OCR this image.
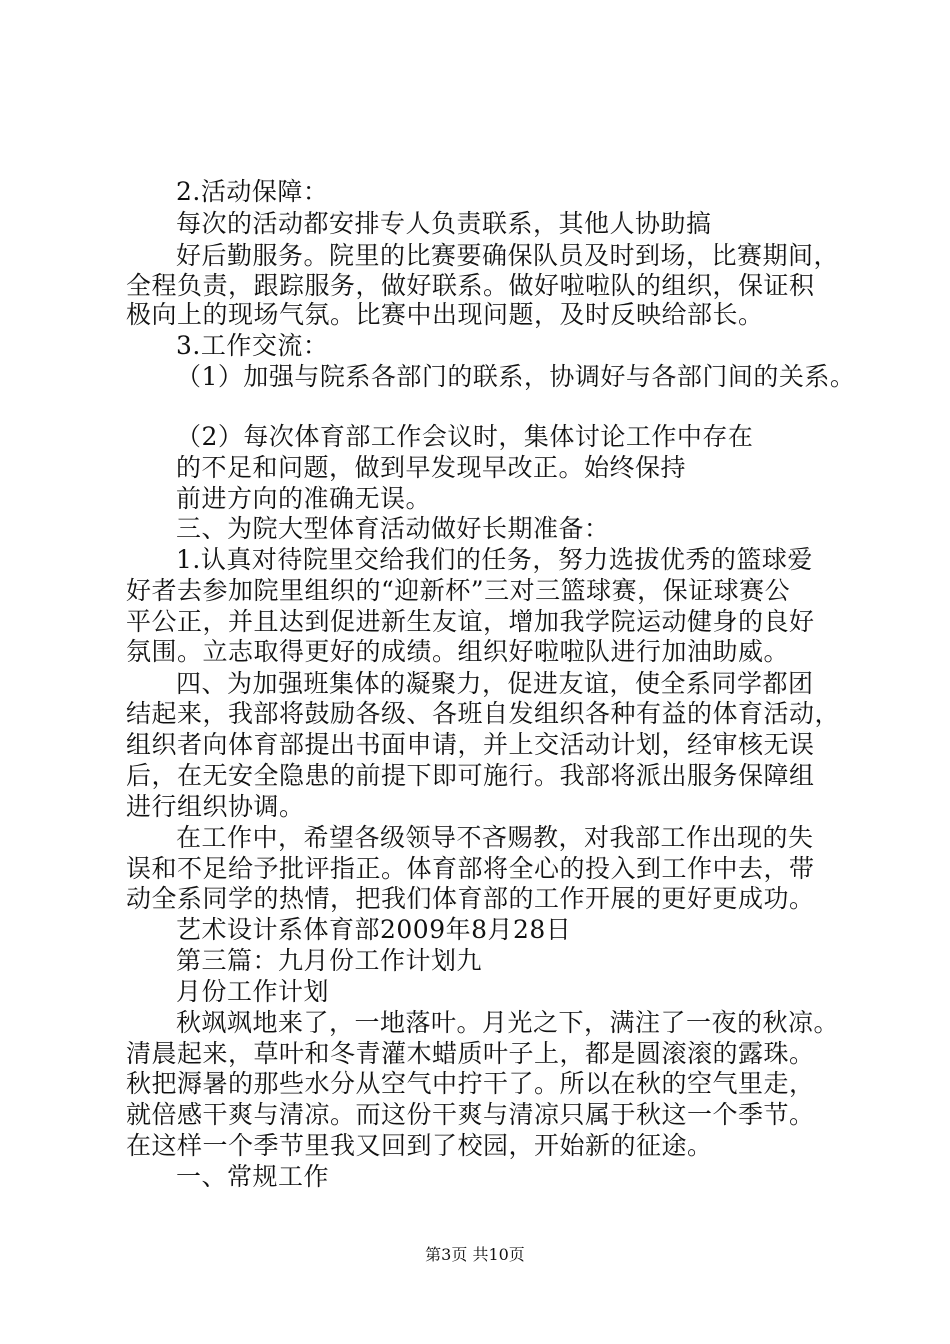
2.活动保障：
每次的活动都安排专人负责联系，其他人协助搞
好后勤服务。院里的比赛要确保队员及时到场，比赛期间，
全程负责，跟踪服务，做好联系。做好啦啦队的组织，保证积
极向上的现场气氛。比赛中出现问题，及时反映给部长。
3.工作交流：
（1）加强与院系各部门的联系，协调好与各部门间的关系。
（2）每次体育部工作会议时，集体讨论工作中存在
的不足和问题，做到早发现早改正。始终保持
前进方向的准确无误。
三、为院大型体育活动做好长期准备：
1.认真对待院里交给我们的任务，努力选拔优秀的篮球爱
好者去参加院里组织的“迎新杯”三对三篮球赛，保证球赛公
平公正，并且达到促进新生友谊，增加我学院运动健身的良好
氛围。立志取得更好的成绩。组织好啦啦队进行加油助威。
四、为加强班集体的凝聚力，促进友谊，使全系同学都团
结起来，我部将鼓励各级、各班自发组织各种有益的体育活动，
组织者向体育部提出书面申请，并上交活动计划，经审核无误
后，在无安全隐患的前提下即可施行。我部将派出服务保障组
进行组织协调。
在工作中，希望各级领导不吝赐教，对我部工作出现的失
误和不足给予批评指正。体育部将全心的投入到工作中去，带
动全系同学的热情，把我们体育部的工作开展的更好更成功。
艺术设计系体育部2009年8月28日
第三篇：九月份工作计划九
月份工作计划
秋飒飒地来了，一地落叶。月光之下，满注了一夜的秋凉。
清晨起来，草叶和冬青灌木蜡质叶子上，都是圆滚滚的露珠。
秋把溽暑的那些水分从空气中拧干了。所以在秋的空气里走，
就倍感干爽与清凉。而这份干爽与清凉只属于秋这一个季节。
在这样一个季节里我又回到了校园，开始新的征途。
一、常规工作
第3页 共10页
